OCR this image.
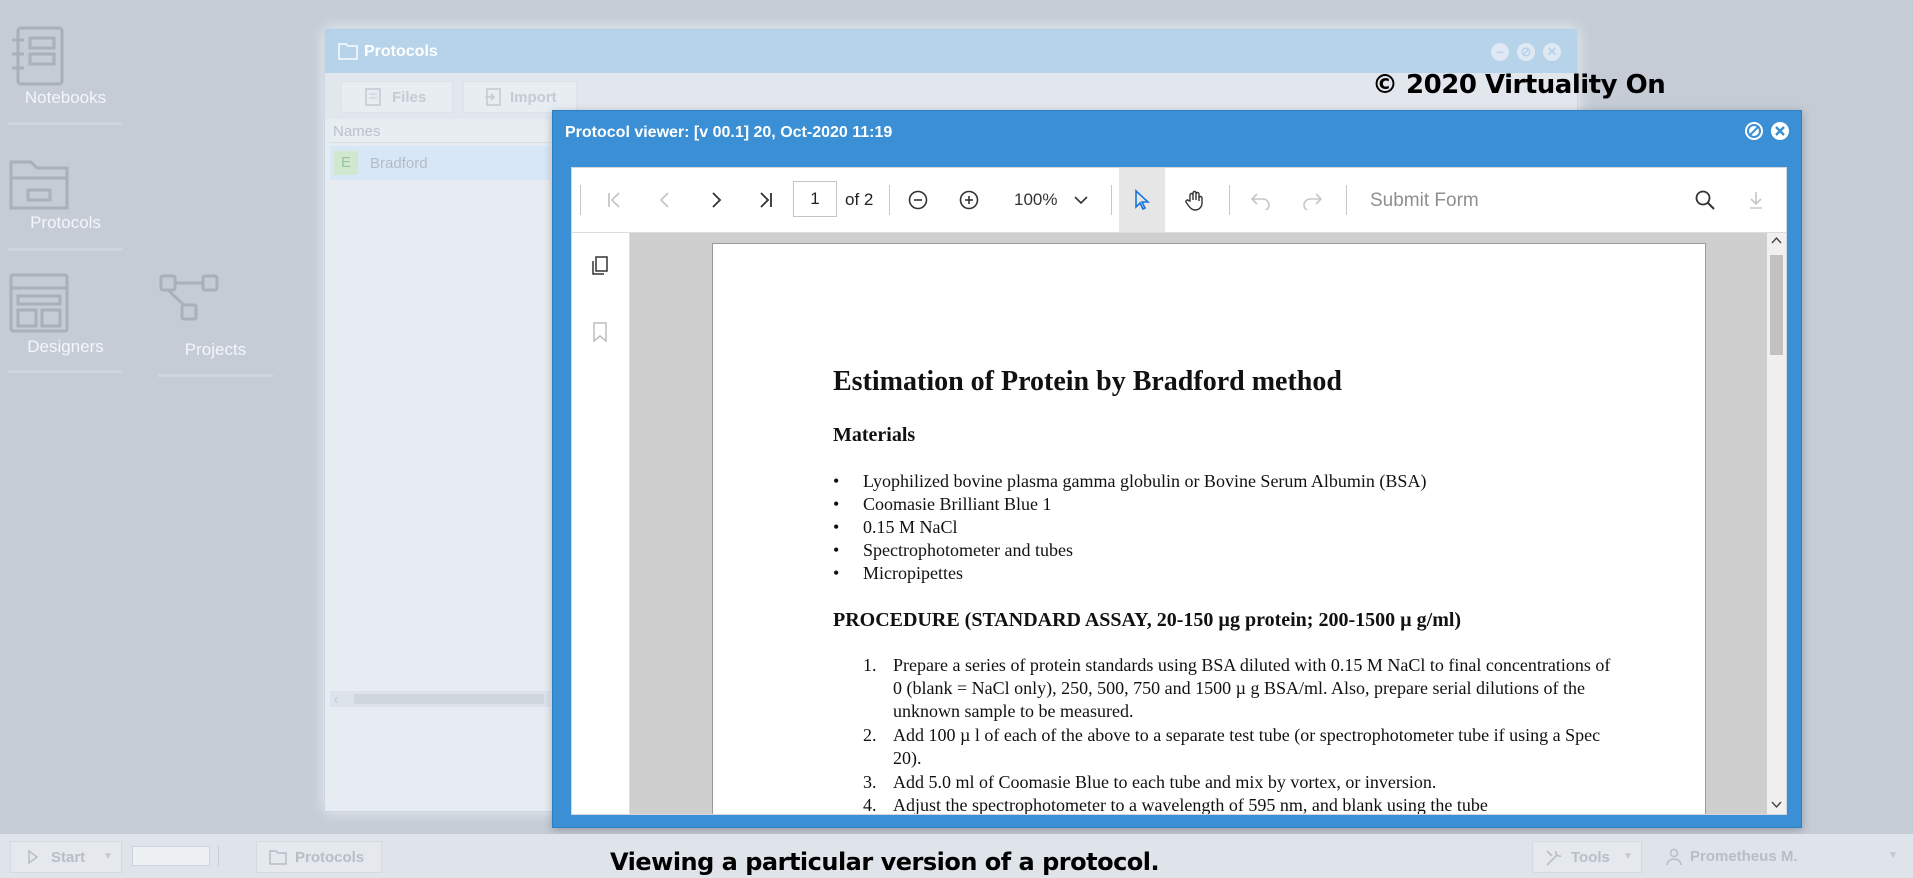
Notebooks
Protocols
Designers	Projects
Protocols	–	⊘ ✕
Files	Import
Names
E	Bradford
‹
Protocol viewer: [v 00.1] 20, Oct-2020 11:19
1	of 2	100%	Submit Form
Estimation of Protein by Bradford method
Materials
• Lyophilized bovine plasma gamma globulin or Bovine Serum Albumin (BSA)
• Coomasie Brilliant Blue 1
• 0.15 M NaCl
• Spectrophotometer and tubes
• Micropipettes
PROCEDURE (STANDARD ASSAY, 20-150 µg protein; 200-1500 µ g/ml)
1. Prepare a series of protein standards using BSA diluted with 0.15 M NaCl to final concentrations of 0 (blank = NaCl only), 250, 500, 750 and 1500 µ g BSA/ml. Also, prepare serial dilutions of the unknown sample to be measured.
2. Add 100 µ l of each of the above to a separate test tube (or spectrophotometer tube if using a Spec 20).
3. Add 5.0 ml of Coomasie Blue to each tube and mix by vortex, or inversion.
4. Adjust the spectrophotometer to a wavelength of 595 nm, and blank using the tube
© 2020 Virtuality On
Start ▼	Protocols	Tools ▼	Prometheus M.	▼
Viewing a particular version of a protocol.
